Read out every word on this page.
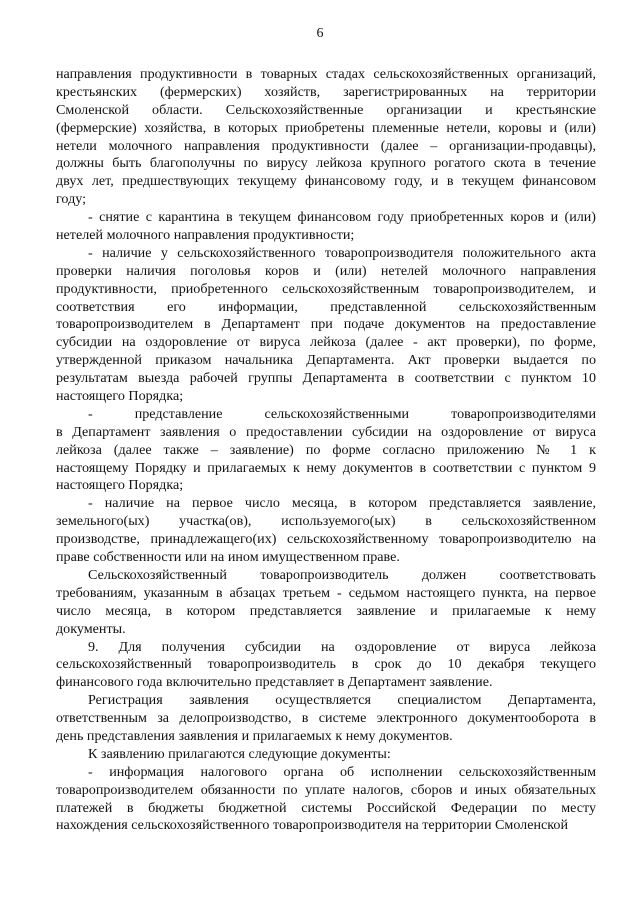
6
направления продуктивности в товарных стадах сельскохозяйственных организаций,
крестьянских (фермерских) хозяйств, зарегистрированных на территории
Смоленской области. Сельскохозяйственные организации и крестьянские
(фермерские) хозяйства, в которых приобретены племенные нетели, коровы и (или)
нетели молочного направления продуктивности (далее – организации-продавцы),
должны быть благополучны по вирусу лейкоза крупного рогатого скота в течение
двух лет, предшествующих текущему финансовому году, и в текущем финансовом
году;
- снятие с карантина в текущем финансовом году приобретенных коров и (или)
нетелей молочного направления продуктивности;
- наличие у сельскохозяйственного товаропроизводителя положительного акта
проверки наличия поголовья коров и (или) нетелей молочного направления
продуктивности, приобретенного сельскохозяйственным товаропроизводителем, и
соответствия его информации, представленной сельскохозяйственным
товаропроизводителем в Департамент при подаче документов на предоставление
субсидии на оздоровление от вируса лейкоза (далее - акт проверки), по форме,
утвержденной приказом начальника Департамента. Акт проверки выдается по
результатам выезда рабочей группы Департамента в соответствии с пунктом 10
настоящего Порядка;
- представление сельскохозяйственными товаропроизводителями
в Департамент заявления о предоставлении субсидии на оздоровление от вируса
лейкоза (далее также – заявление) по форме согласно приложению № 1 к
настоящему Порядку и прилагаемых к нему документов в соответствии с пунктом 9
настоящего Порядка;
- наличие на первое число месяца, в котором представляется заявление,
земельного(ых) участка(ов), используемого(ых) в сельскохозяйственном
производстве, принадлежащего(их) сельскохозяйственному товаропроизводителю на
праве собственности или на ином имущественном праве.
Сельскохозяйственный товаропроизводитель должен соответствовать
требованиям, указанным в абзацах третьем - седьмом настоящего пункта, на первое
число месяца, в котором представляется заявление и прилагаемые к нему
документы.
9. Для получения субсидии на оздоровление от вируса лейкоза
сельскохозяйственный товаропроизводитель в срок до 10 декабря текущего
финансового года включительно представляет в Департамент заявление.
Регистрация заявления осуществляется специалистом Департамента,
ответственным за делопроизводство, в системе электронного документооборота в
день представления заявления и прилагаемых к нему документов.
К заявлению прилагаются следующие документы:
- информация налогового органа об исполнении сельскохозяйственным
товаропроизводителем обязанности по уплате налогов, сборов и иных обязательных
платежей в бюджеты бюджетной системы Российской Федерации по месту
нахождения сельскохозяйственного товаропроизводителя на территории Смоленской
